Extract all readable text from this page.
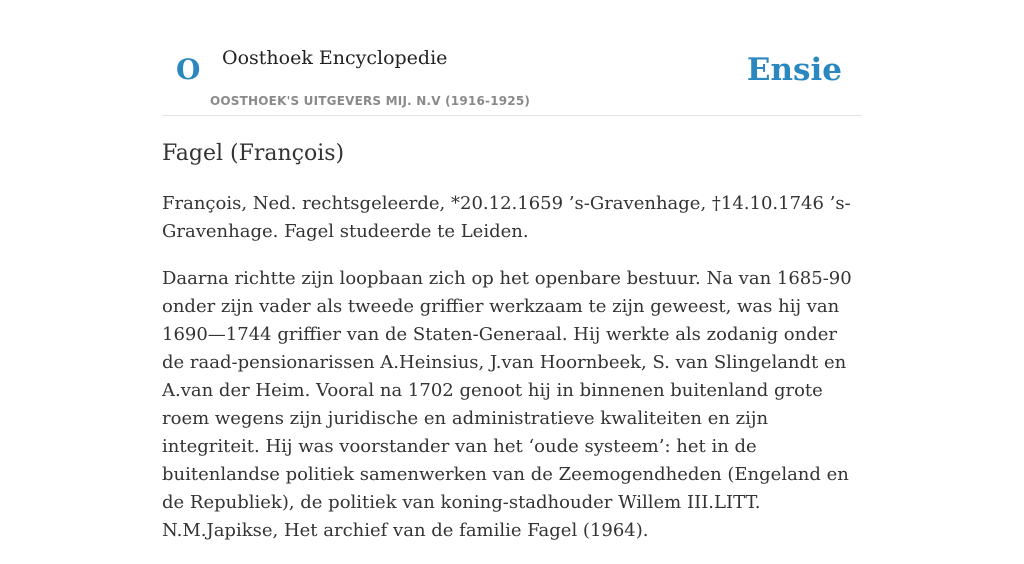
O Oosthoek Encyclopedie
OOSTHOEK'S UITGEVERS MIJ. N.V (1916-1925)
Ensie
Fagel (François)

François, Ned. rechtsgeleerde, *20.12.1659 ’s-Gravenhage, †14.10.1746 ’s-Gravenhage. Fagel studeerde te Leiden.

Daarna richtte zijn loopbaan zich op het openbare bestuur. Na van 1685-90 onder zijn vader als tweede griffier werkzaam te zijn geweest, was hij van 1690—1744 griffier van de Staten-Generaal. Hij werkte als zodanig onder de raad-pensionarissen A.Heinsius, J.van Hoornbeek, S. van Slingelandt en A.van der Heim. Vooral na 1702 genoot hij in binnenen buitenland grote roem wegens zijn juridische en administratieve kwaliteiten en zijn integriteit. Hij was voorstander van het ‘oude systeem’: het in de buitenlandse politiek samenwerken van de Zeemogendheden (Engeland en de Republiek), de politiek van koning-stadhouder Willem III.LITT. N.M.Japikse, Het archief van de familie Fagel (1964).
